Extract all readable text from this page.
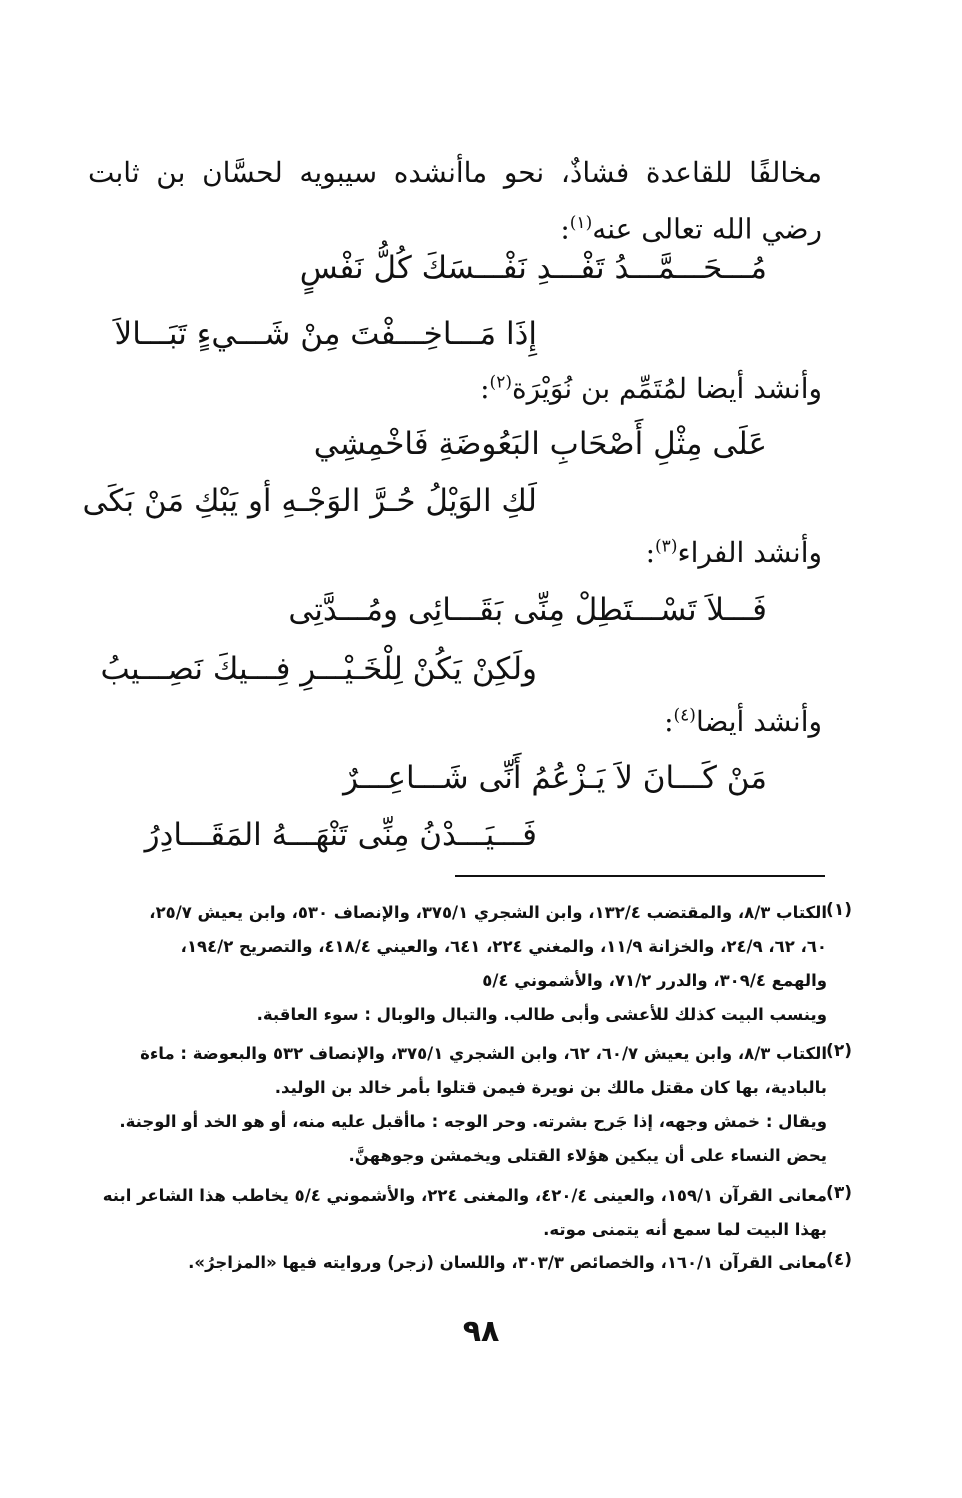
مخالفًا للقاعدة فشاذٌ، نحو ماأنشده سيبويه لحسَّان بن ثابت رضي الله تعالى عنه$^{(١)}$:
مُـــحَـــمَّـــدُ تَفْـــدِ نَفْـــسَكَ كُلُّ نَفْسٍ
إِذَا مَـــاخِـــفْتَ مِنْ شَـــيءٍ تَبَـــالاَ
وأنشد أيضا لمُتَمِّم بن نُوَيْرَة$^{(٢)}$:
عَلَى مِثْلِ أَصْحَابِ البَعُوضَةِ فَاخْمِشِي
لَكِ الوَيْلُ حُـرَّ الوَجْـهِ أو يَبْكِ مَنْ بَكَى
وأنشد الفراء$^{(٣)}$:
فَـــلاَ تَسْـــتَطِلْ مِنِّى بَقَـــائِى ومُـــدَّتِى
ولَكِنْ يَكُنْ لِلْخَـيْـــرِ فِـــيكَ نَصِـــيبُ
وأنشد أيضا$^{(٤)}$:
مَنْ كَـــانَ لاَ يَـزْعُمُ أَنِّى شَـــاعِـــرٌ
فَـــيَـــدْنُ مِنِّى تَنْهَـــهُ المَقَـــادِرُ
(١)
الكتاب ٨/٣، والمقتضب ١٣٢/٤، وابن الشجري ٣٧٥/١، والإنصاف ٥٣٠، وابن يعيش ٢٥/٧،
٦٠، ٦٢، ٢٤/٩، والخزانة ١١/٩، والمغني ٢٢٤، ٦٤١، والعيني ٤١٨/٤، والتصريح ١٩٤/٢،
والهمع ٣٠٩/٤، والدرر ٧١/٢، والأشموني ٥/٤
وينسب البيت كذلك للأعشى وأبى طالب. والتبال والوبال : سوء العاقبة.
(٢)
الكتاب ٨/٣، وابن يعيش ٦٠/٧، ٦٢، وابن الشجري ٣٧٥/١، والإنصاف ٥٣٢ والبعوضة : ماءة
بالبادية، بها كان مقتل مالك بن نويرة فيمن قتلوا بأمر خالد بن الوليد.
ويقال : خمش وجهه، إذا جَرح بشرته. وحر الوجه : ماأقبل عليه منه، أو هو الخد أو الوجنة.
يحض النساء على أن يبكين هؤلاء القتلى ويخمشن وجوههنَّ.
(٣)
معانى القرآن ١٥٩/١، والعينى ٤٢٠/٤، والمغنى ٢٢٤، والأشموني ٥/٤ يخاطب هذا الشاعر ابنه
بهذا البيت لما سمع أنه يتمنى موته.
(٤)
معانى القرآن ١٦٠/١، والخصائص ٣٠٣/٣، واللسان (زجر) وروايته فيها «المزاجرُ».
٩٨
